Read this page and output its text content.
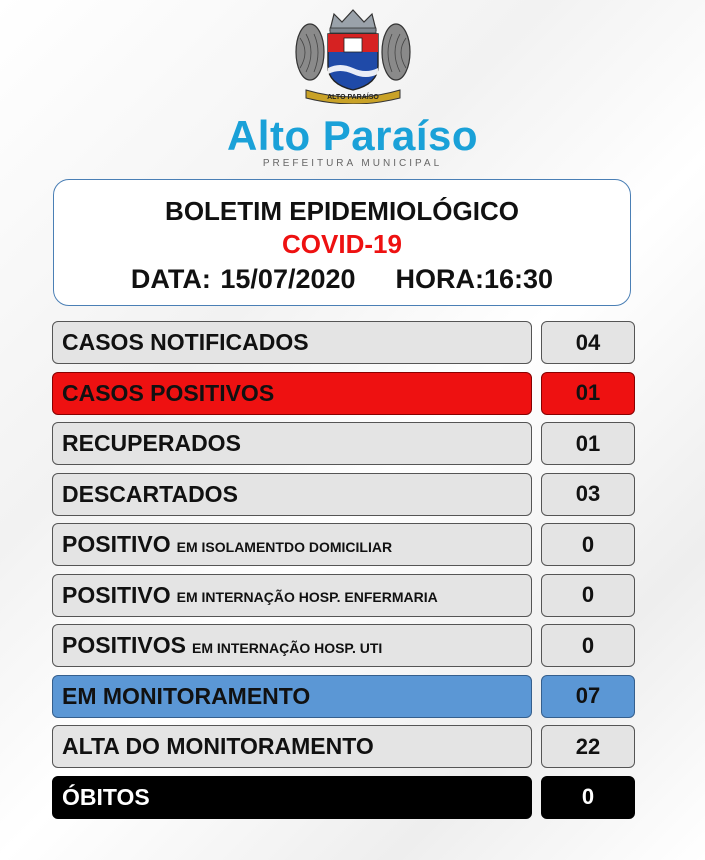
ALTO PARAÍSO
Alto Paraíso
PREFEITURA MUNICIPAL
BOLETIM EPIDEMIOLÓGICO
COVID-19
DATA: 15/07/2020 HORA:16:30
CASOS NOTIFICADOS	04
CASOS POSITIVOS	01
RECUPERADOS	01
DESCARTADOS	03
POSITIVO EM ISOLAMENTDO DOMICILIAR	0
POSITIVO EM INTERNAÇÃO HOSP. ENFERMARIA	0
POSITIVOS EM INTERNAÇÃO HOSP. UTI	0
EM MONITORAMENTO	07
ALTA DO MONITORAMENTO	22
ÓBITOS	0
